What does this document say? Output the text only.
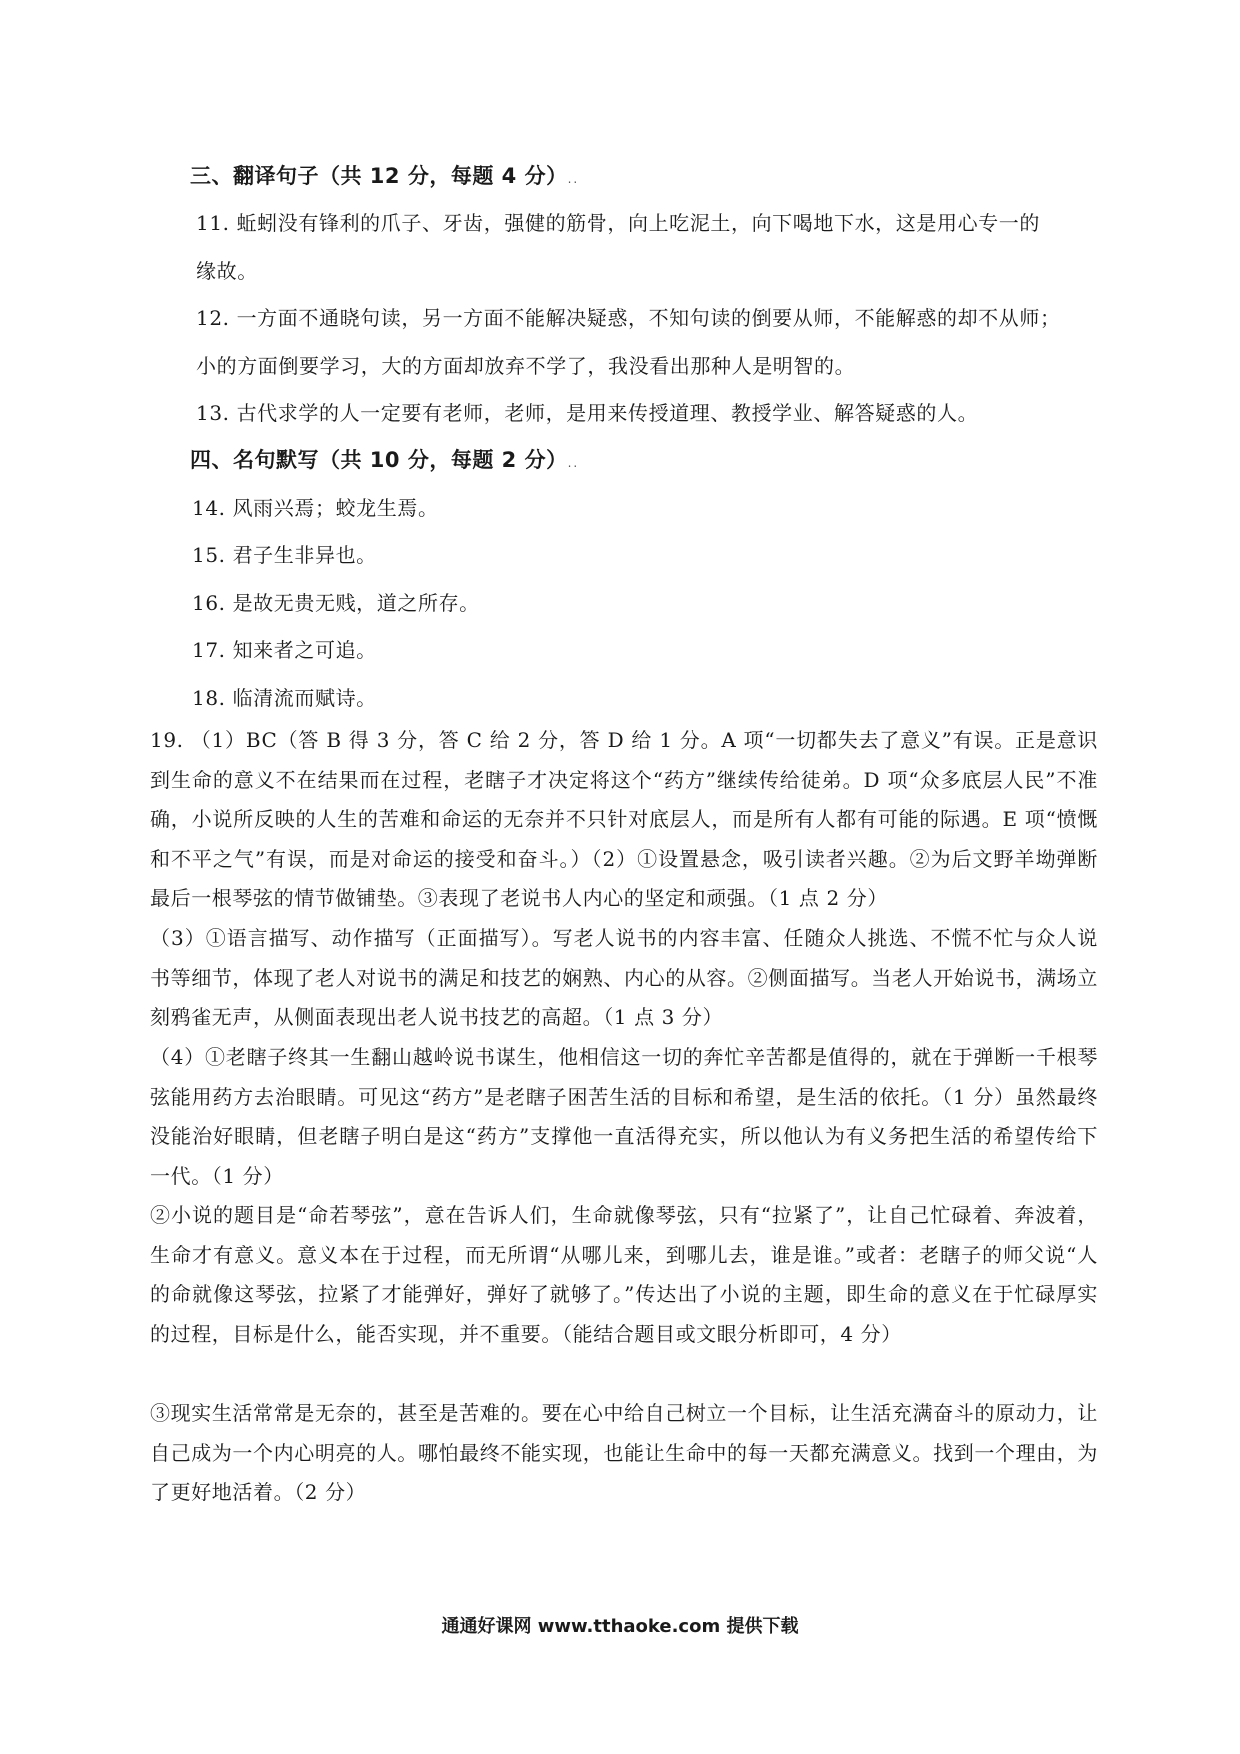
三、翻译句子（共 12 分，每题 4 分）..
11. 蚯蚓没有锋利的爪子、牙齿，强健的筋骨，向上吃泥土，向下喝地下水，这是用心专一的
缘故。
12. 一方面不通晓句读，另一方面不能解决疑惑，不知句读的倒要从师，不能解惑的却不从师；
小的方面倒要学习，大的方面却放弃不学了，我没看出那种人是明智的。
13. 古代求学的人一定要有老师，老师，是用来传授道理、教授学业、解答疑惑的人。
四、名句默写（共 10 分，每题 2 分）..
14. 风雨兴焉；蛟龙生焉。
15. 君子生非异也。
16. 是故无贵无贱，道之所存。
17. 知来者之可追。
18. 临清流而赋诗。
19. （1）BC（答 B 得 3 分，答 C 给 2 分，答 D 给 1 分。A 项“一切都失去了意义”有误。正是意识到生命的意义不在结果而在过程，老瞎子才决定将这个“药方”继续传给徒弟。D 项“众多底层人民”不准确，小说所反映的人生的苦难和命运的无奈并不只针对底层人，而是所有人都有可能的际遇。E 项“愤慨和不平之气”有误，而是对命运的接受和奋斗。）（2）①设置悬念，吸引读者兴趣。②为后文野羊坳弹断最后一根琴弦的情节做铺垫。③表现了老说书人内心的坚定和顽强。（1 点 2 分）
（3）①语言描写、动作描写（正面描写）。写老人说书的内容丰富、任随众人挑选、不慌不忙与众人说书等细节，体现了老人对说书的满足和技艺的娴熟、内心的从容。②侧面描写。当老人开始说书，满场立刻鸦雀无声，从侧面表现出老人说书技艺的高超。（1 点 3 分）
（4）①老瞎子终其一生翻山越岭说书谋生，他相信这一切的奔忙辛苦都是值得的，就在于弹断一千根琴弦能用药方去治眼睛。可见这“药方”是老瞎子困苦生活的目标和希望，是生活的依托。（1 分）虽然最终没能治好眼睛，但老瞎子明白是这“药方”支撑他一直活得充实，所以他认为有义务把生活的希望传给下一代。（1 分）
②小说的题目是“命若琴弦”，意在告诉人们，生命就像琴弦，只有“拉紧了”，让自己忙碌着、奔波着，生命才有意义。意义本在于过程，而无所谓“从哪儿来，到哪儿去，谁是谁。”或者：老瞎子的师父说“人的命就像这琴弦，拉紧了才能弹好，弹好了就够了。”传达出了小说的主题，即生命的意义在于忙碌厚实的过程，目标是什么，能否实现，并不重要。（能结合题目或文眼分析即可，4 分）
③现实生活常常是无奈的，甚至是苦难的。要在心中给自己树立一个目标，让生活充满奋斗的原动力，让自己成为一个内心明亮的人。哪怕最终不能实现，也能让生命中的每一天都充满意义。找到一个理由，为了更好地活着。（2 分）
通通好课网 www.tthaoke.com 提供下载
